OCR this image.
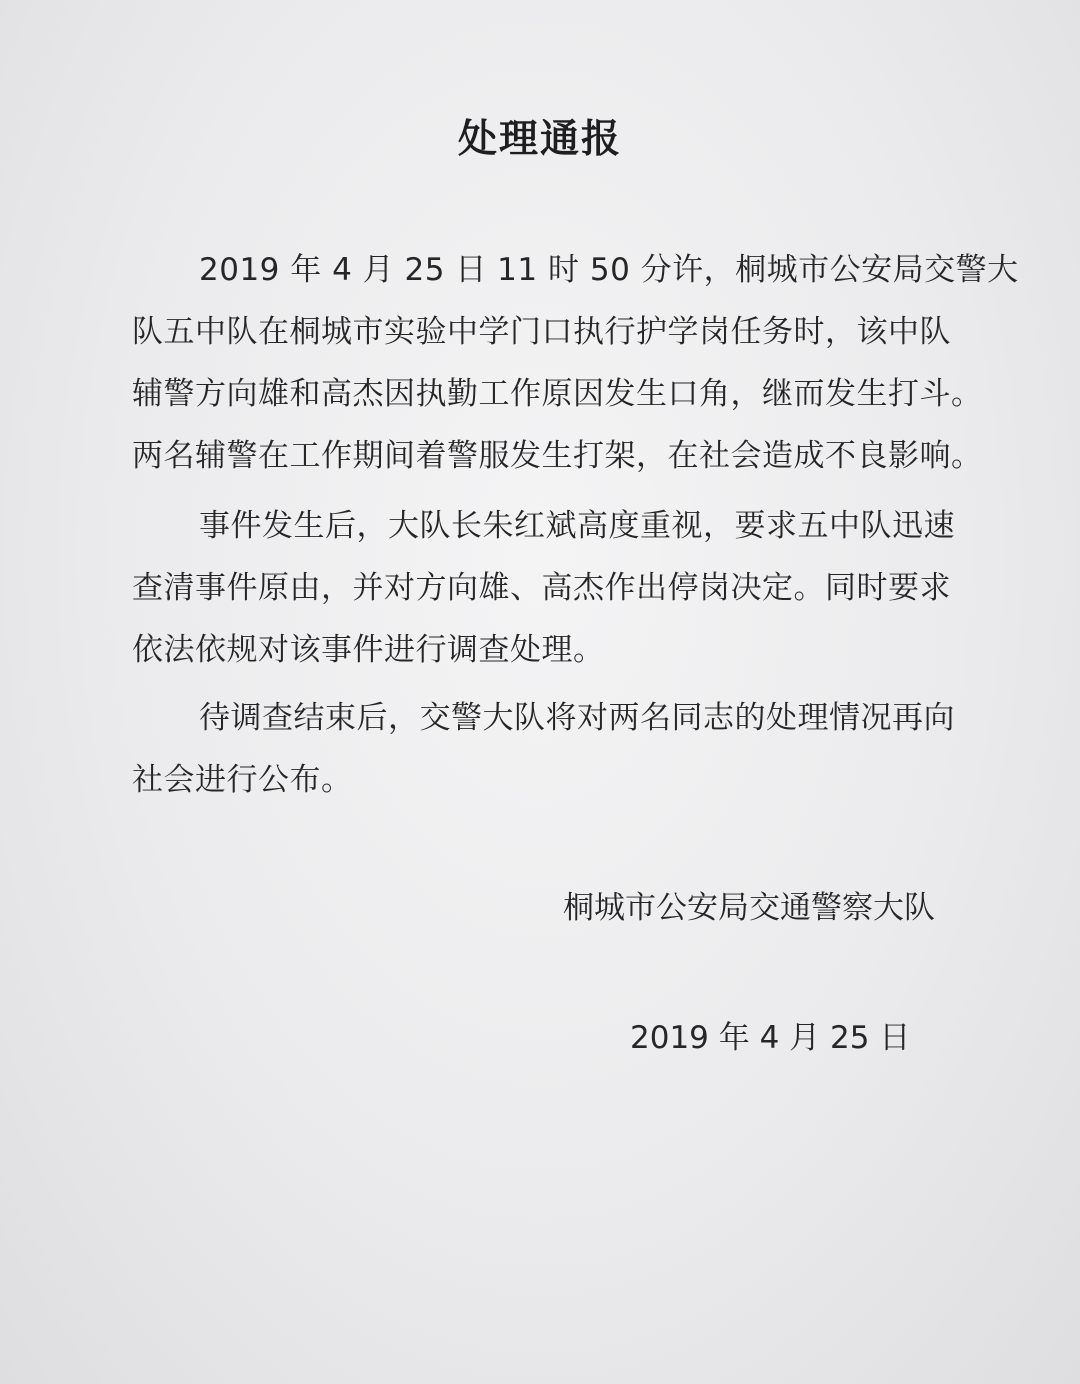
处理通报
2019 年 4 月 25 日 11 时 50 分许，桐城市公安局交警大
队五中队在桐城市实验中学门口执行护学岗任务时，该中队
辅警方向雄和高杰因执勤工作原因发生口角，继而发生打斗。
两名辅警在工作期间着警服发生打架，在社会造成不良影响。
事件发生后，大队长朱红斌高度重视，要求五中队迅速
查清事件原由，并对方向雄、高杰作出停岗决定。同时要求
依法依规对该事件进行调查处理。
待调查结束后，交警大队将对两名同志的处理情况再向
社会进行公布。
桐城市公安局交通警察大队
2019 年 4 月 25 日
